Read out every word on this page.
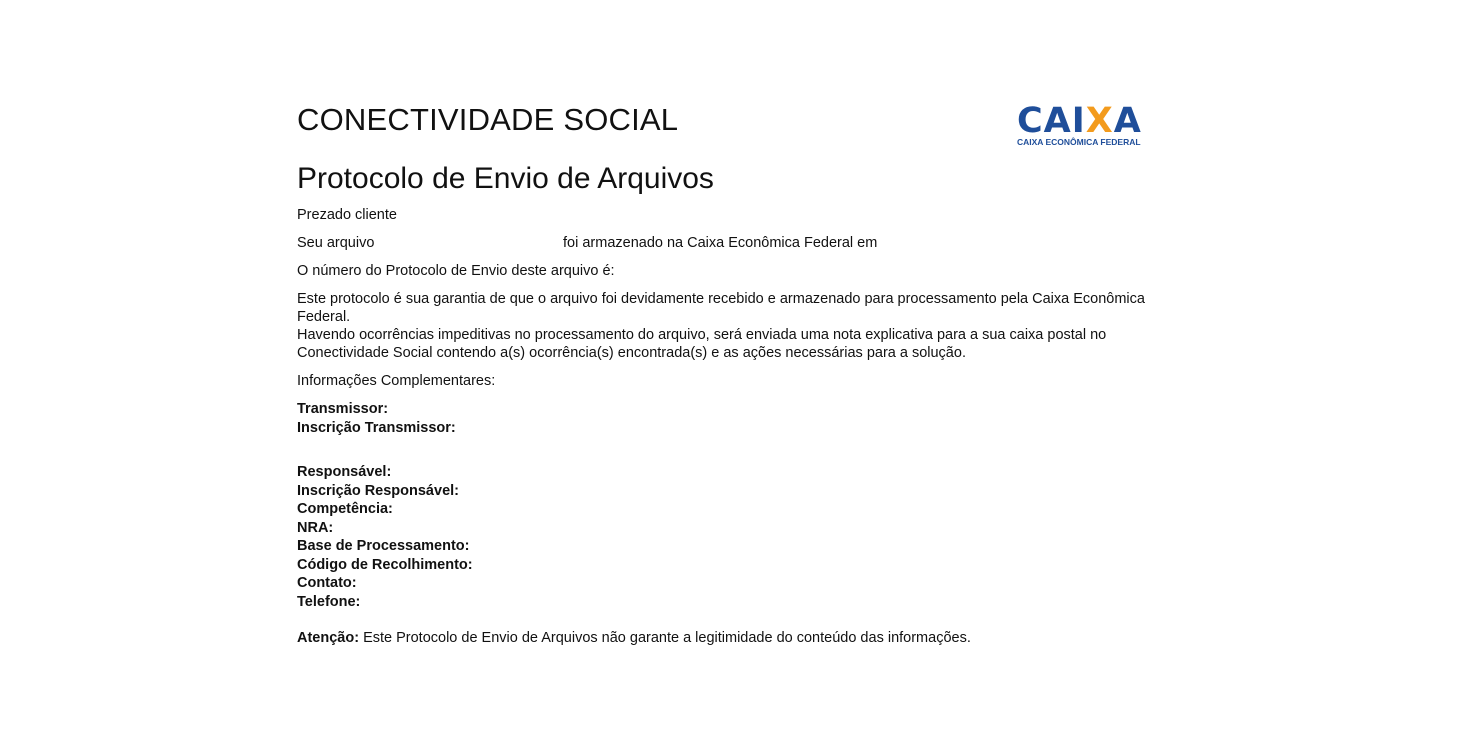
CONECTIVIDADE SOCIAL	CAIXA
CAIXA ECONÔMICA FEDERAL
Protocolo de Envio de Arquivos

Prezado cliente

Seu arquivo	foi armazenado na Caixa Econômica Federal em

O número do Protocolo de Envio deste arquivo é:

Este protocolo é sua garantia de que o arquivo foi devidamente recebido e armazenado para processamento pela Caixa Econômica Federal.
Havendo ocorrências impeditivas no processamento do arquivo, será enviada uma nota explicativa para a sua caixa postal no Conectividade Social contendo a(s) ocorrência(s) encontrada(s) e as ações necessárias para a solução.

Informações Complementares:

Transmissor:
Inscrição Transmissor:
Responsável:
Inscrição Responsável:
Competência:
NRA:
Base de Processamento:
Código de Recolhimento:
Contato:
Telefone:

Atenção: Este Protocolo de Envio de Arquivos não garante a legitimidade do conteúdo das informações.
